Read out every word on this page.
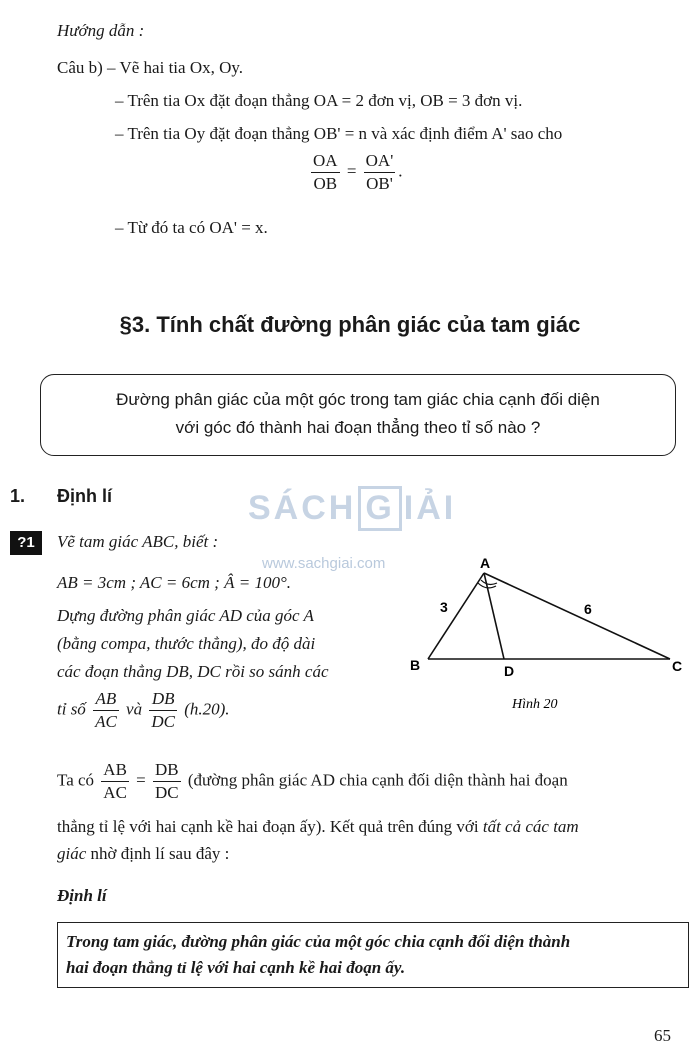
Hướng dẫn :
Câu b) – Vẽ hai tia Ox, Oy.
– Trên tia Ox đặt đoạn thẳng OA = 2 đơn vị, OB = 3 đơn vị.
– Trên tia Oy đặt đoạn thẳng OB' = n và xác định điểm A' sao cho
$\frac{OA}{OB} = \frac{OA'}{OB'}$ .
– Từ đó ta có OA' = x.
§3. Tính chất đường phân giác của tam giác
Đường phân giác của một góc trong tam giác chia cạnh đối diện
với góc đó thành hai đoạn thẳng theo tỉ số nào ?
SÁCH G IẢI
www.sachgiai.com
1. Định lí
?1	Vẽ tam giác ABC, biết :
AB = 3cm ; AC = 6cm ; Â = 100°.
Dựng đường phân giác AD của góc A
(bằng compa, thước thẳng), đo độ dài
các đoạn thẳng DB, DC rồi so sánh các
tỉ số $\frac{AB}{AC}$ và $\frac{DB}{DC} (h.20)$.
A
B	C
D
3	6
Hình 20
Ta có $\frac{AB}{AC} = \frac{DB}{DC}$ (đường phân giác AD chia cạnh đối diện thành hai đoạn
thẳng tỉ lệ với hai cạnh kề hai đoạn ấy). Kết quả trên đúng với tất cả các tam
giác nhờ định lí sau đây :
Định lí
Trong tam giác, đường phân giác của một góc chia cạnh đối diện thành
hai đoạn thẳng tỉ lệ với hai cạnh kề hai đoạn ấy.
65
